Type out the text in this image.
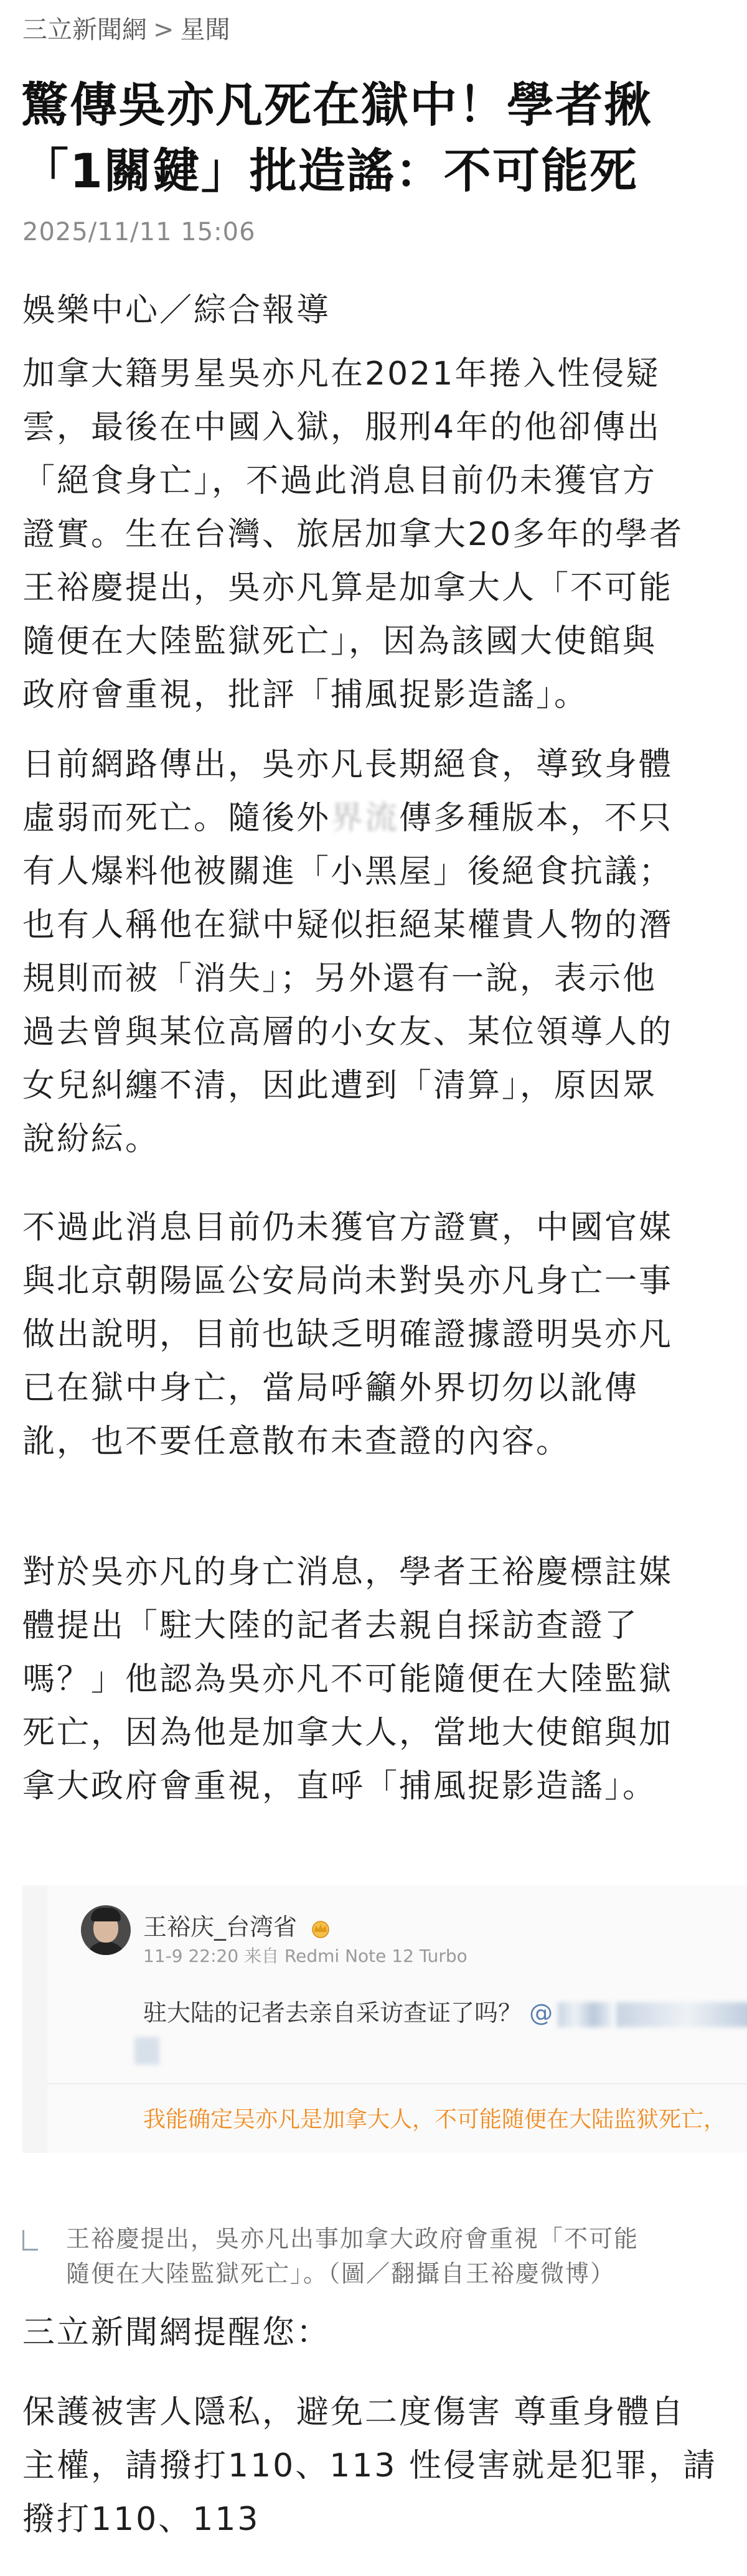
三立新聞網 > 星聞
驚傳吳亦凡死在獄中！學者揪
「1關鍵」批造謠：不可能死
2025/11/11 15:06
娛樂中心／綜合報導
加拿大籍男星吳亦凡在2021年捲入性侵疑
雲，最後在中國入獄，服刑4年的他卻傳出
「絕食身亡」，不過此消息目前仍未獲官方
證實。生在台灣、旅居加拿大20多年的學者
王裕慶提出，吳亦凡算是加拿大人「不可能
隨便在大陸監獄死亡」，因為該國大使館與
政府會重視，批評「捕風捉影造謠」。
日前網路傳出，吳亦凡長期絕食，導致身體
虛弱而死亡。隨後外界流傳多種版本，不只
有人爆料他被關進「小黑屋」後絕食抗議；
也有人稱他在獄中疑似拒絕某權貴人物的潛
規則而被「消失」；另外還有一說，表示他
過去曾與某位高層的小女友、某位領導人的
女兒糾纏不清，因此遭到「清算」，原因眾
說紛紜。
不過此消息目前仍未獲官方證實，中國官媒
與北京朝陽區公安局尚未對吳亦凡身亡一事
做出說明，目前也缺乏明確證據證明吳亦凡
已在獄中身亡，當局呼籲外界切勿以訛傳
訛，也不要任意散布未查證的內容。
對於吳亦凡的身亡消息，學者王裕慶標註媒
體提出「駐大陸的記者去親自採訪查證了
嗎？」他認為吳亦凡不可能隨便在大陸監獄
死亡，因為他是加拿大人，當地大使館與加
拿大政府會重視，直呼「捕風捉影造謠」。
王裕庆_台湾省
11-9 22:20 来自 Redmi Note 12 Turbo
驻大陆的记者去亲自采访查证了吗？ @
我能确定吴亦凡是加拿大人，不可能随便在大陆监狱死亡，
王裕慶提出，吳亦凡出事加拿大政府會重視「不可能
隨便在大陸監獄死亡」。（圖／翻攝自王裕慶微博）
三立新聞網提醒您：
保護被害人隱私，避免二度傷害 尊重身體自
主權，請撥打110、113 性侵害就是犯罪，請
撥打110、113
